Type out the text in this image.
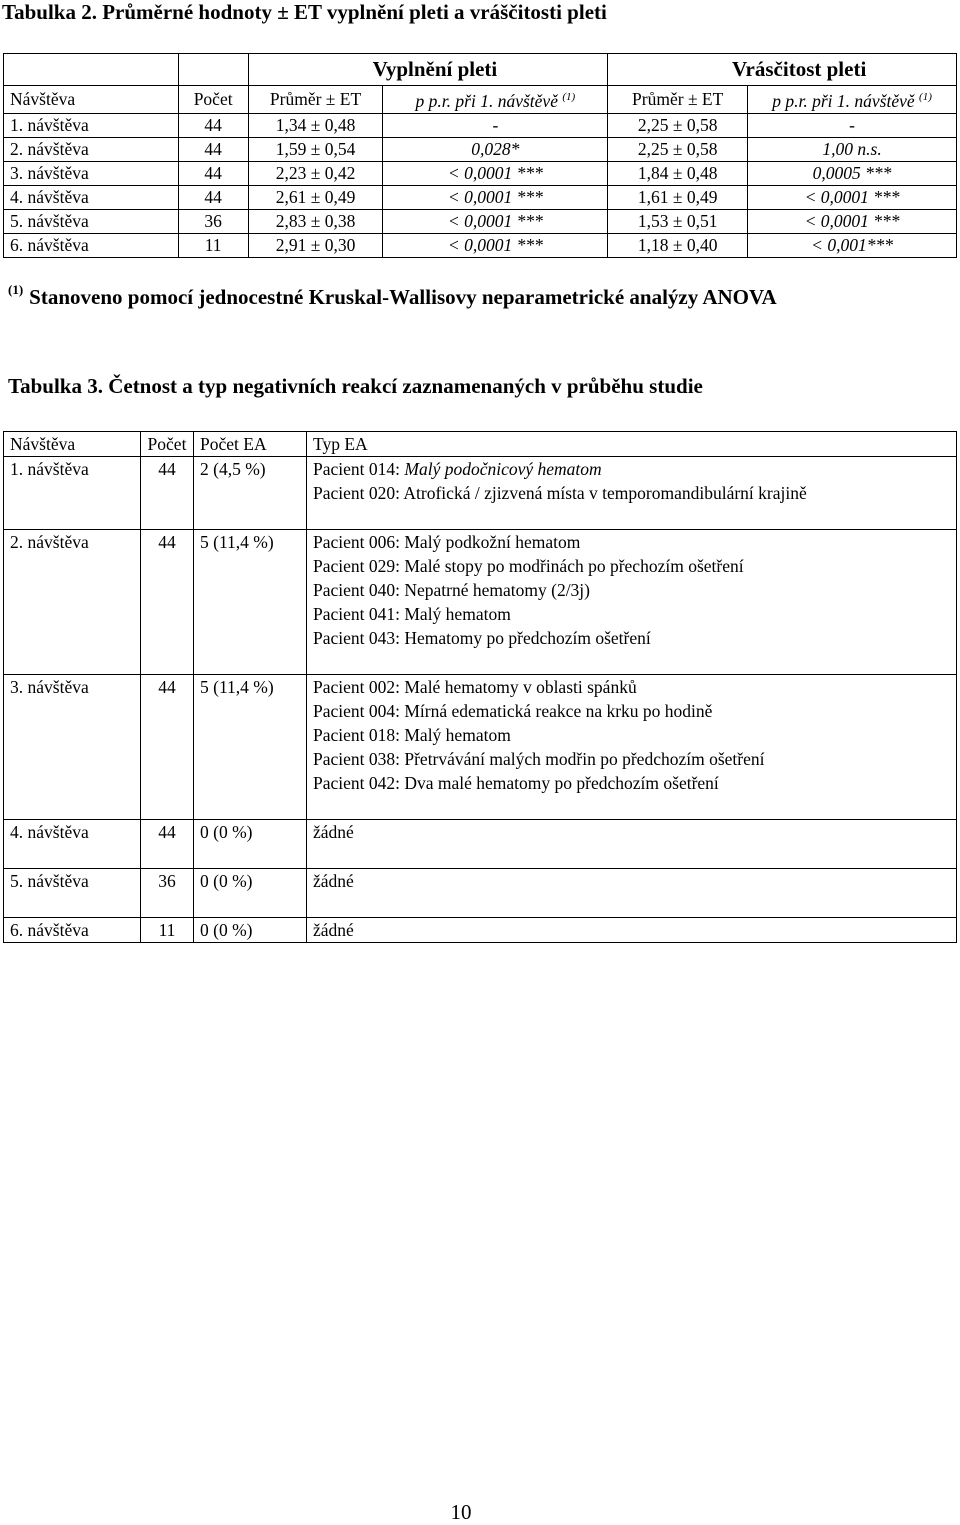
Tabulka 2. Průměrné hodnoty ± ET vyplnění pleti a vráščitosti pleti
		Vyplnění pleti		Vrásčitost pleti	
Návštěva	Počet	Průměr ± ET	p p.r. při 1. návštěvě $^{(1)}$	Průměr ± ET	p p.r. při 1. návštěvě $^{(1)}$
1. návštěva	44	1,34 ± 0,48	-	2,25 ± 0,58	-
2. návštěva	44	1,59 ± 0,54	0,028*	2,25 ± 0,58	1,00 n.s.
3. návštěva	44	2,23 ± 0,42	< 0,0001 ***	1,84 ± 0,48	0,0005 ***
4. návštěva	44	2,61 ± 0,49	< 0,0001 ***	1,61 ± 0,49	< 0,0001 ***
5. návštěva	36	2,83 ± 0,38	< 0,0001 ***	1,53 ± 0,51	< 0,0001 ***
6. návštěva	11	2,91 ± 0,30	< 0,0001 ***	1,18 ± 0,40	< 0,001***
$^{(1)}$ Stanoveno pomocí jednocestné Kruskal-Wallisovy neparametrické analýzy ANOVA
Tabulka 3. Četnost a typ negativních reakcí zaznamenaných v průběhu studie
Návštěva	Počet	Počet EA	Typ EA
1. návštěva	44	2 (4,5 %)	Pacient 014: Malý podočnicový hematom
Pacient 020: Atrofická / zjizvená místa v temporomandibulární krajině

2. návštěva	44	5 (11,4 %)	Pacient 006: Malý podkožní hematom
Pacient 029: Malé stopy po modřinách po přechozím ošetření
Pacient 040: Nepatrné hematomy (2/3j)
Pacient 041: Malý hematom
Pacient 043: Hematomy po předchozím ošetření

3. návštěva	44	5 (11,4 %)	Pacient 002: Malé hematomy v oblasti spánků
Pacient 004: Mírná edematická reakce na krku po hodině
Pacient 018: Malý hematom
Pacient 038: Přetrvávání malých modřin po předchozím ošetření
Pacient 042: Dva malé hematomy po předchozím ošetření

4. návštěva	44	0 (0 %)	žádné
5. návštěva	36	0 (0 %)	žádné
6. návštěva	11	0 (0 %)	žádné
10
